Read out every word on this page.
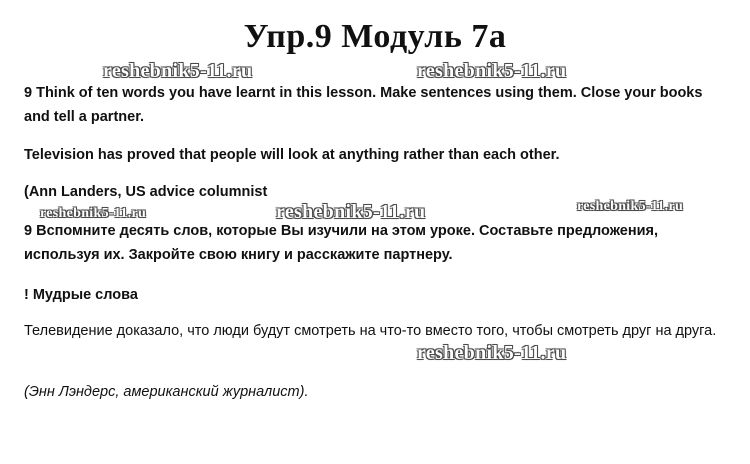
Упр.9 Модуль 7а
reshebnik5-11.ru	reshebnik5-11.ru

9 Think of ten words you have learnt in this lesson. Make sentences using them. Close your books and tell a partner.

Television has proved that people will look at anything rather than each other.

(Ann Landers, US advice columnist

reshebnik5-11.ru	reshebnik5-11.ru	reshebnik5-11.ru

9 Вспомните десять слов, которые Вы изучили на этом уроке. Составьте предложения, используя их. Закройте свою книгу и расскажите партнеру.

! Мудрые слова

Телевидение доказало, что люди будут смотреть на что-то вместо того, чтобы смотреть друг на друга.

reshebnik5-11.ru

(Энн Лэндерс, американский журналист).
